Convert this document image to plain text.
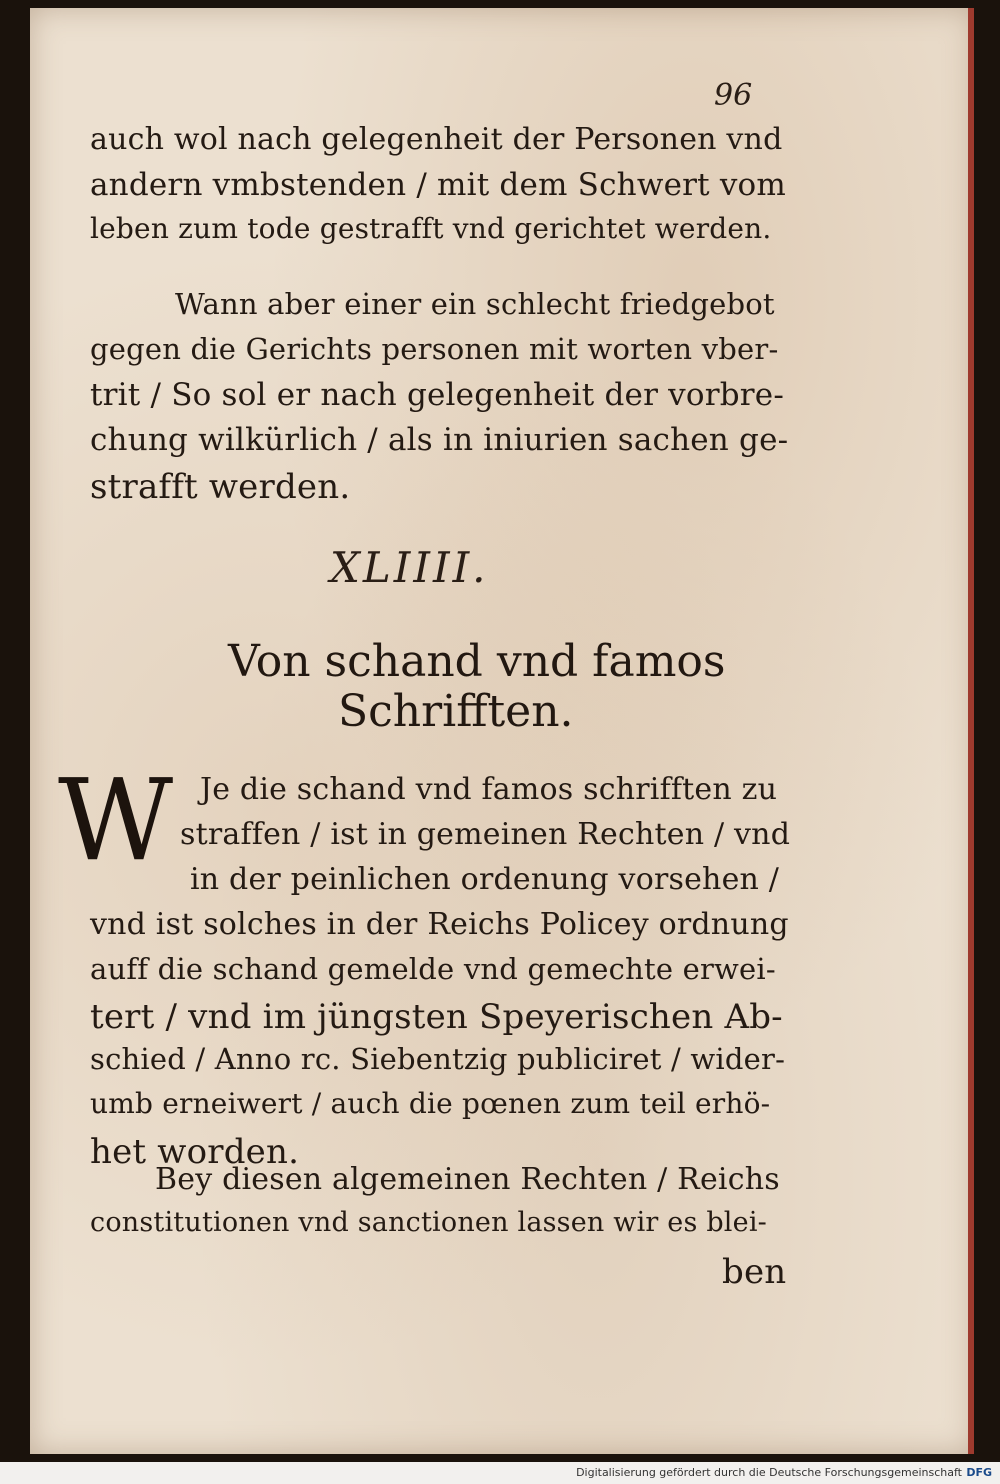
96
auch wol nach gelegenheit der Personen vnd
andern vmbstenden / mit dem Schwert vom
leben zum tode gestrafft vnd gerichtet werden.
Wann aber einer ein schlecht friedgebot
gegen die Gerichts personen mit worten vber-
trit / So sol er nach gelegenheit der vorbre-
chung wilkürlich / als in iniurien sachen ge-
strafft werden.
XLIIII.
Von schand vnd famos
Schrifften.
W Je die schand vnd famos schrifften zu
straffen / ist in gemeinen Rechten / vnd
in der peinlichen ordenung vorsehen /
vnd ist solches in der Reichs Policey ordnung
auff die schand gemelde vnd gemechte erwei-
tert / vnd im jüngsten Speyerischen Ab-
schied / Anno rc. Siebentzig publiciret / wider-
umb erneiwert / auch die pœnen zum teil erhö-
het worden.
Bey diesen algemeinen Rechten / Reichs
constitutionen vnd sanctionen lassen wir es blei-
ben
Digitalisierung gefördert durch die Deutsche Forschungsgemeinschaft DFG
